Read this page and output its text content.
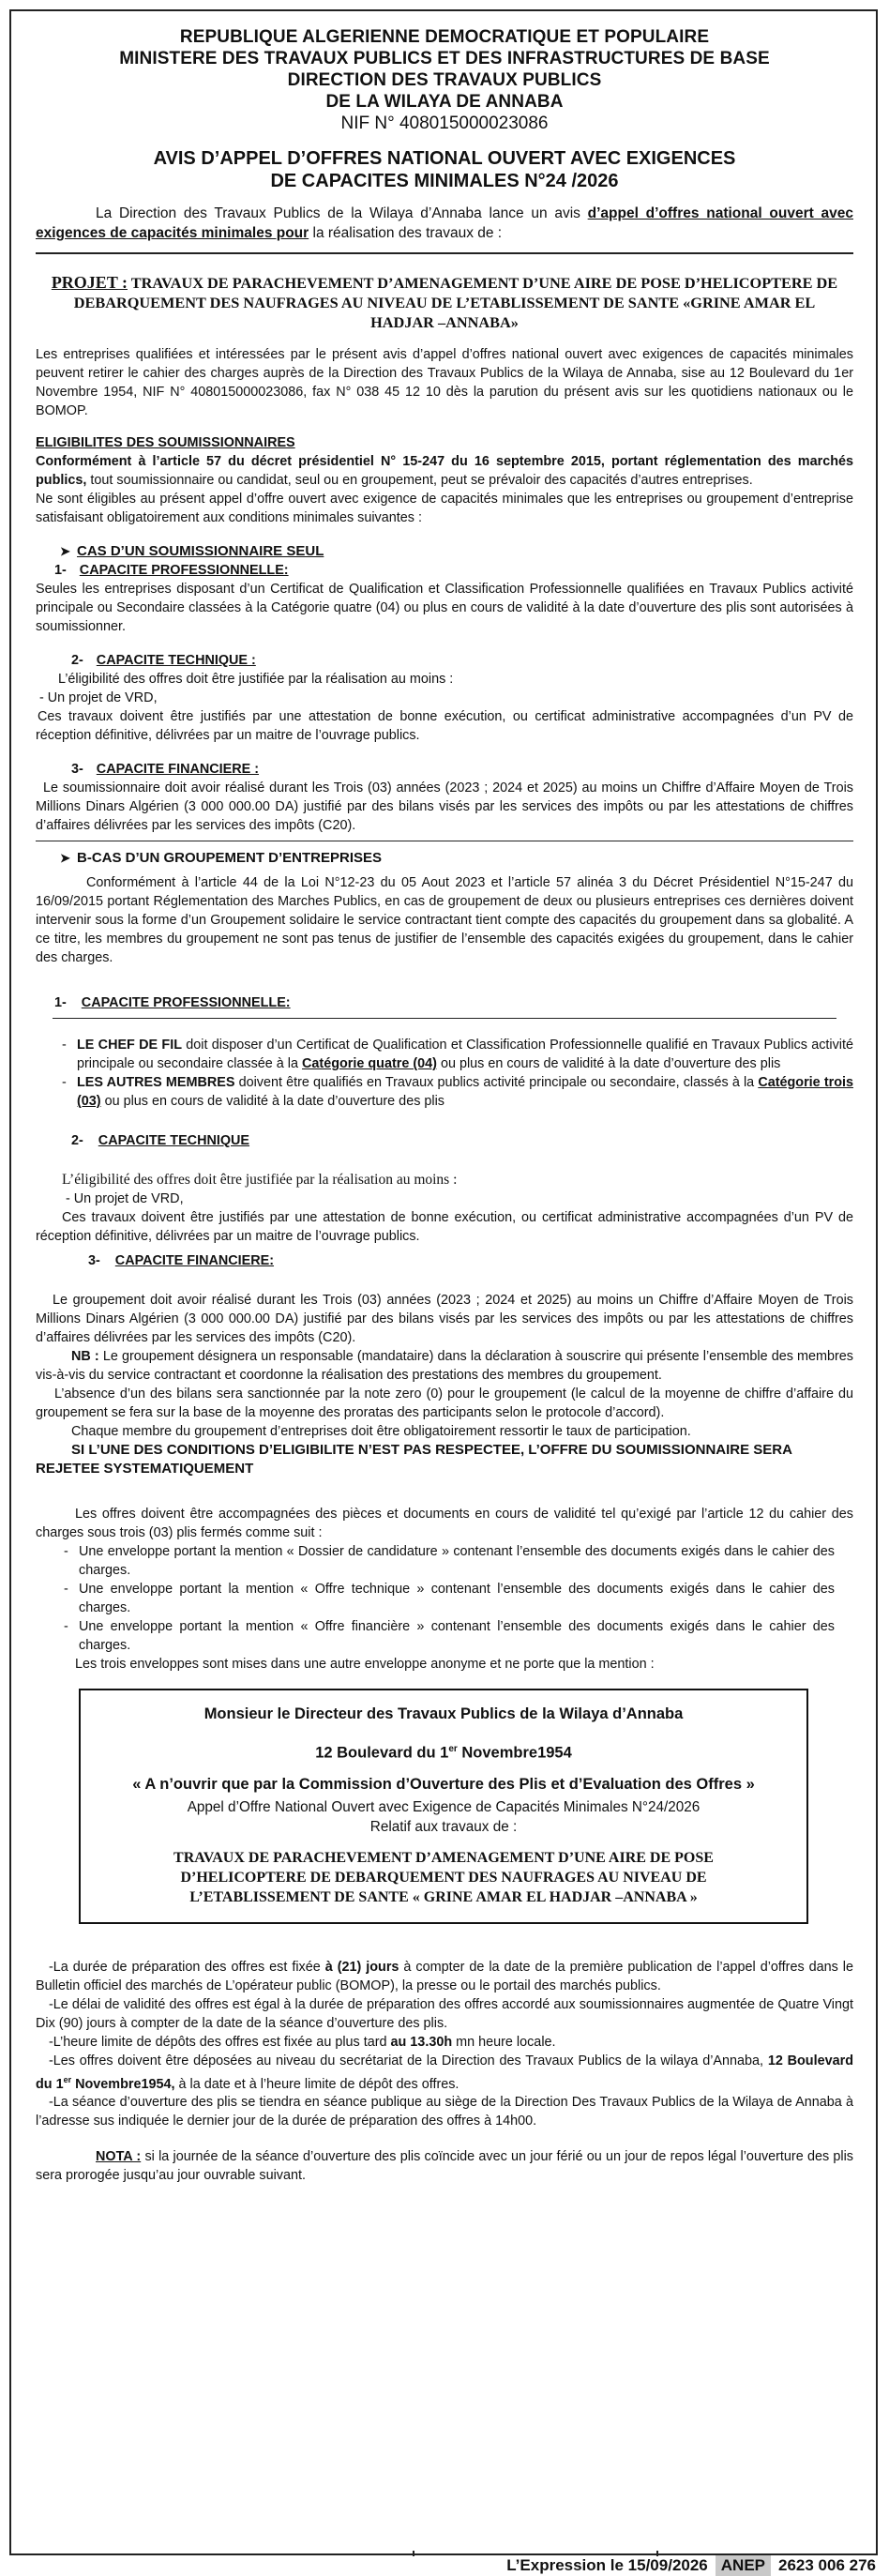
REPUBLIQUE ALGERIENNE DEMOCRATIQUE ET POPULAIRE

MINISTERE DES TRAVAUX PUBLICS ET DES INFRASTRUCTURES DE BASE

DIRECTION DES TRAVAUX PUBLICS

DE LA WILAYA DE ANNABA

NIF N° 408015000023086

AVIS D’APPEL D’OFFRES NATIONAL OUVERT AVEC EXIGENCES

DE CAPACITES MINIMALES N°24 /2026

La Direction des Travaux Publics de la Wilaya d’Annaba lance un avis d’appel d’offres national ouvert avec exigences de capacités minimales pour la réalisation des travaux de :

PROJET : TRAVAUX DE PARACHEVEMENT D’AMENAGEMENT D’UNE AIRE DE POSE D’HELICOPTERE DE DEBARQUEMENT DES NAUFRAGES AU NIVEAU DE L’ETABLISSEMENT DE SANTE «GRINE AMAR EL HADJAR –ANNABA»

Les entreprises qualifiées et intéressées par le présent avis d’appel d’offres national ouvert avec exigences de capacités minimales peuvent retirer le cahier des charges auprès de la Direction des Travaux Publics de la Wilaya de Annaba, sise au 12 Boulevard du 1er Novembre 1954, NIF N° 408015000023086, fax N° 038 45 12 10 dès la parution du présent avis sur les quotidiens nationaux ou le BOMOP.

ELIGIBILITES DES SOUMISSIONNAIRES

Conformément à l’article 57 du décret présidentiel N° 15-247 du 16 septembre 2015, portant réglementation des marchés publics, tout soumissionnaire ou candidat, seul ou en groupement, peut se prévaloir des capacités d’autres entreprises.

Ne sont éligibles au présent appel d’offre ouvert avec exigence de capacités minimales que les entreprises ou groupement d’entreprise satisfaisant obligatoirement aux conditions minimales suivantes :

➤ CAS D’UN SOUMISSIONNAIRE SEUL

1- CAPACITE PROFESSIONNELLE:

Seules les entreprises disposant d’un Certificat de Qualification et Classification Professionnelle qualifiées en Travaux Publics activité principale ou Secondaire classées à la Catégorie quatre (04) ou plus en cours de validité à la date d’ouverture des plis sont autorisées à soumissionner.

2- CAPACITE TECHNIQUE :

L’éligibilité des offres doit être justifiée par la réalisation au moins :

- Un projet de VRD,

Ces travaux doivent être justifiés par une attestation de bonne exécution, ou certificat administrative accompagnées d’un PV de réception définitive, délivrées par un maitre de l’ouvrage publics.

3- CAPACITE FINANCIERE :

Le soumissionnaire doit avoir réalisé durant les Trois (03) années (2023 ; 2024 et 2025) au moins un Chiffre d’Affaire Moyen de Trois Millions Dinars Algérien (3 000 000.00 DA) justifié par des bilans visés par les services des impôts ou par les attestations de chiffres d’affaires délivrées par les services des impôts (C20).

➤ B-CAS D’UN GROUPEMENT D’ENTREPRISES

Conformément à l’article 44 de la Loi N°12-23 du 05 Aout 2023 et l’article 57 alinéa 3 du Décret Présidentiel N°15-247 du 16/09/2015 portant Réglementation des Marches Publics, en cas de groupement de deux ou plusieurs entreprises ces dernières doivent intervenir sous la forme d’un Groupement solidaire le service contractant tient compte des capacités du groupement dans sa globalité. A ce titre, les membres du groupement ne sont pas tenus de justifier de l’ensemble des capacités exigées du groupement, dans le cahier des charges.

1- CAPACITE PROFESSIONNELLE:

- LE CHEF DE FIL doit disposer d’un Certificat de Qualification et Classification Professionnelle qualifié en Travaux Publics activité principale ou secondaire classée à la Catégorie quatre (04) ou plus en cours de validité à la date d’ouverture des plis
- LES AUTRES MEMBRES doivent être qualifiés en Travaux publics activité principale ou secondaire, classés à la Catégorie trois (03) ou plus en cours de validité à la date d’ouverture des plis

2- CAPACITE TECHNIQUE

L’éligibilité des offres doit être justifiée par la réalisation au moins :

- Un projet de VRD,

Ces travaux doivent être justifiés par une attestation de bonne exécution, ou certificat administrative accompagnées d’un PV de réception définitive, délivrées par un maitre de l’ouvrage publics.

3- CAPACITE FINANCIERE:

Le groupement doit avoir réalisé durant les Trois (03) années (2023 ; 2024 et 2025) au moins un Chiffre d’Affaire Moyen de Trois Millions Dinars Algérien (3 000 000.00 DA) justifié par des bilans visés par les services des impôts ou par les attestations de chiffres d’affaires délivrées par les services des impôts (C20).

NB : Le groupement désignera un responsable (mandataire) dans la déclaration à souscrire qui présente l’ensemble des membres vis-à-vis du service contractant et coordonne la réalisation des prestations des membres du groupement.

L’absence d’un des bilans sera sanctionnée par la note zero (0) pour le groupement (le calcul de la moyenne de chiffre d’affaire du groupement se fera sur la base de la moyenne des proratas des participants selon le protocole d’accord).

Chaque membre du groupement d’entreprises doit être obligatoirement ressortir le taux de participation.

SI L’UNE DES CONDITIONS D’ELIGIBILITE N’EST PAS RESPECTEE, L’OFFRE DU SOUMISSIONNAIRE SERA REJETEE SYSTEMATIQUEMENT

Les offres doivent être accompagnées des pièces et documents en cours de validité tel qu’exigé par l’article 12 du cahier des charges sous trois (03) plis fermés comme suit :

- Une enveloppe portant la mention « Dossier de candidature » contenant l’ensemble des documents exigés dans le cahier des charges.
- Une enveloppe portant la mention « Offre technique » contenant l’ensemble des documents exigés dans le cahier des charges.
- Une enveloppe portant la mention « Offre financière » contenant l’ensemble des documents exigés dans le cahier des charges.

Les trois enveloppes sont mises dans une autre enveloppe anonyme et ne porte que la mention :

Monsieur le Directeur des Travaux Publics de la Wilaya d’Annaba

12 Boulevard du 1er Novembre1954

« A n’ouvrir que par la Commission d’Ouverture des Plis et d’Evaluation des Offres »

Appel d’Offre National Ouvert avec Exigence de Capacités Minimales N°24/2026

Relatif aux travaux de :

TRAVAUX DE PARACHEVEMENT D’AMENAGEMENT D’UNE AIRE DE POSE D’HELICOPTERE DE DEBARQUEMENT DES NAUFRAGES AU NIVEAU DE L’ETABLISSEMENT DE SANTE « GRINE AMAR EL HADJAR –ANNABA »

-La durée de préparation des offres est fixée à (21) jours à compter de la date de la première publication de l’appel d’offres dans le Bulletin officiel des marchés de L’opérateur public (BOMOP), la presse ou le portail des marchés publics.

-Le délai de validité des offres est égal à la durée de préparation des offres accordé aux soumissionnaires augmentée de Quatre Vingt Dix (90) jours à compter de la date de la séance d’ouverture des plis.

-L’heure limite de dépôts des offres est fixée au plus tard au 13.30h mn heure locale.

-Les offres doivent être déposées au niveau du secrétariat de la Direction des Travaux Publics de la wilaya d’Annaba, 12 Boulevard du 1er Novembre1954, à la date et à l’heure limite de dépôt des offres.

-La séance d’ouverture des plis se tiendra en séance publique au siège de la Direction Des Travaux Publics de la Wilaya de Annaba à l’adresse sus indiquée le dernier jour de la durée de préparation des offres à 14h00.

NOTA : si la journée de la séance d’ouverture des plis coïncide avec un jour férié ou un jour de repos légal l’ouverture des plis sera prorogée jusqu’au jour ouvrable suivant.

L’Expression le 15/09/2026 ANEP 2623 006 276
